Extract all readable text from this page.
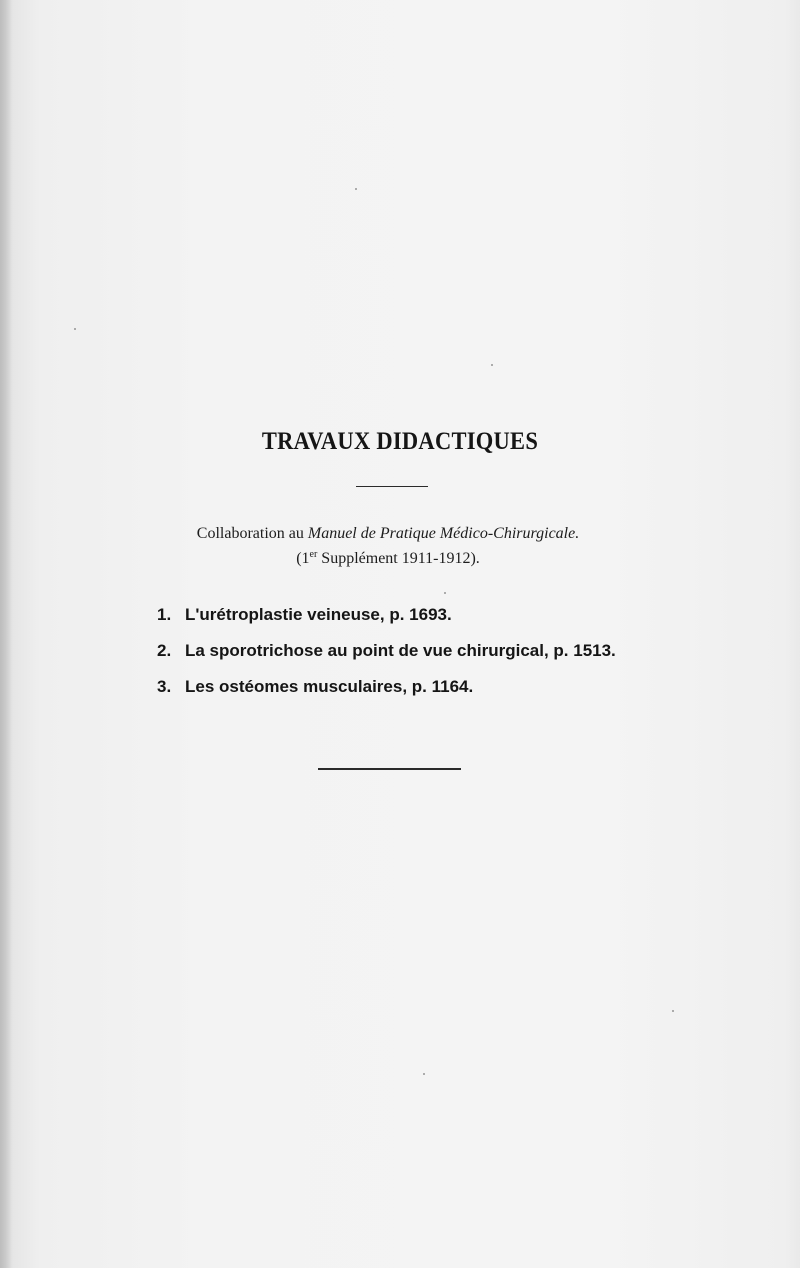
TRAVAUX DIDACTIQUES
Collaboration au Manuel de Pratique Médico-Chirurgicale.
(1er Supplément 1911-1912).
1. L'urétroplastie veineuse, p. 1693.
2. La sporotrichose au point de vue chirurgical, p. 1513.
3. Les ostéomes musculaires, p. 1164.
